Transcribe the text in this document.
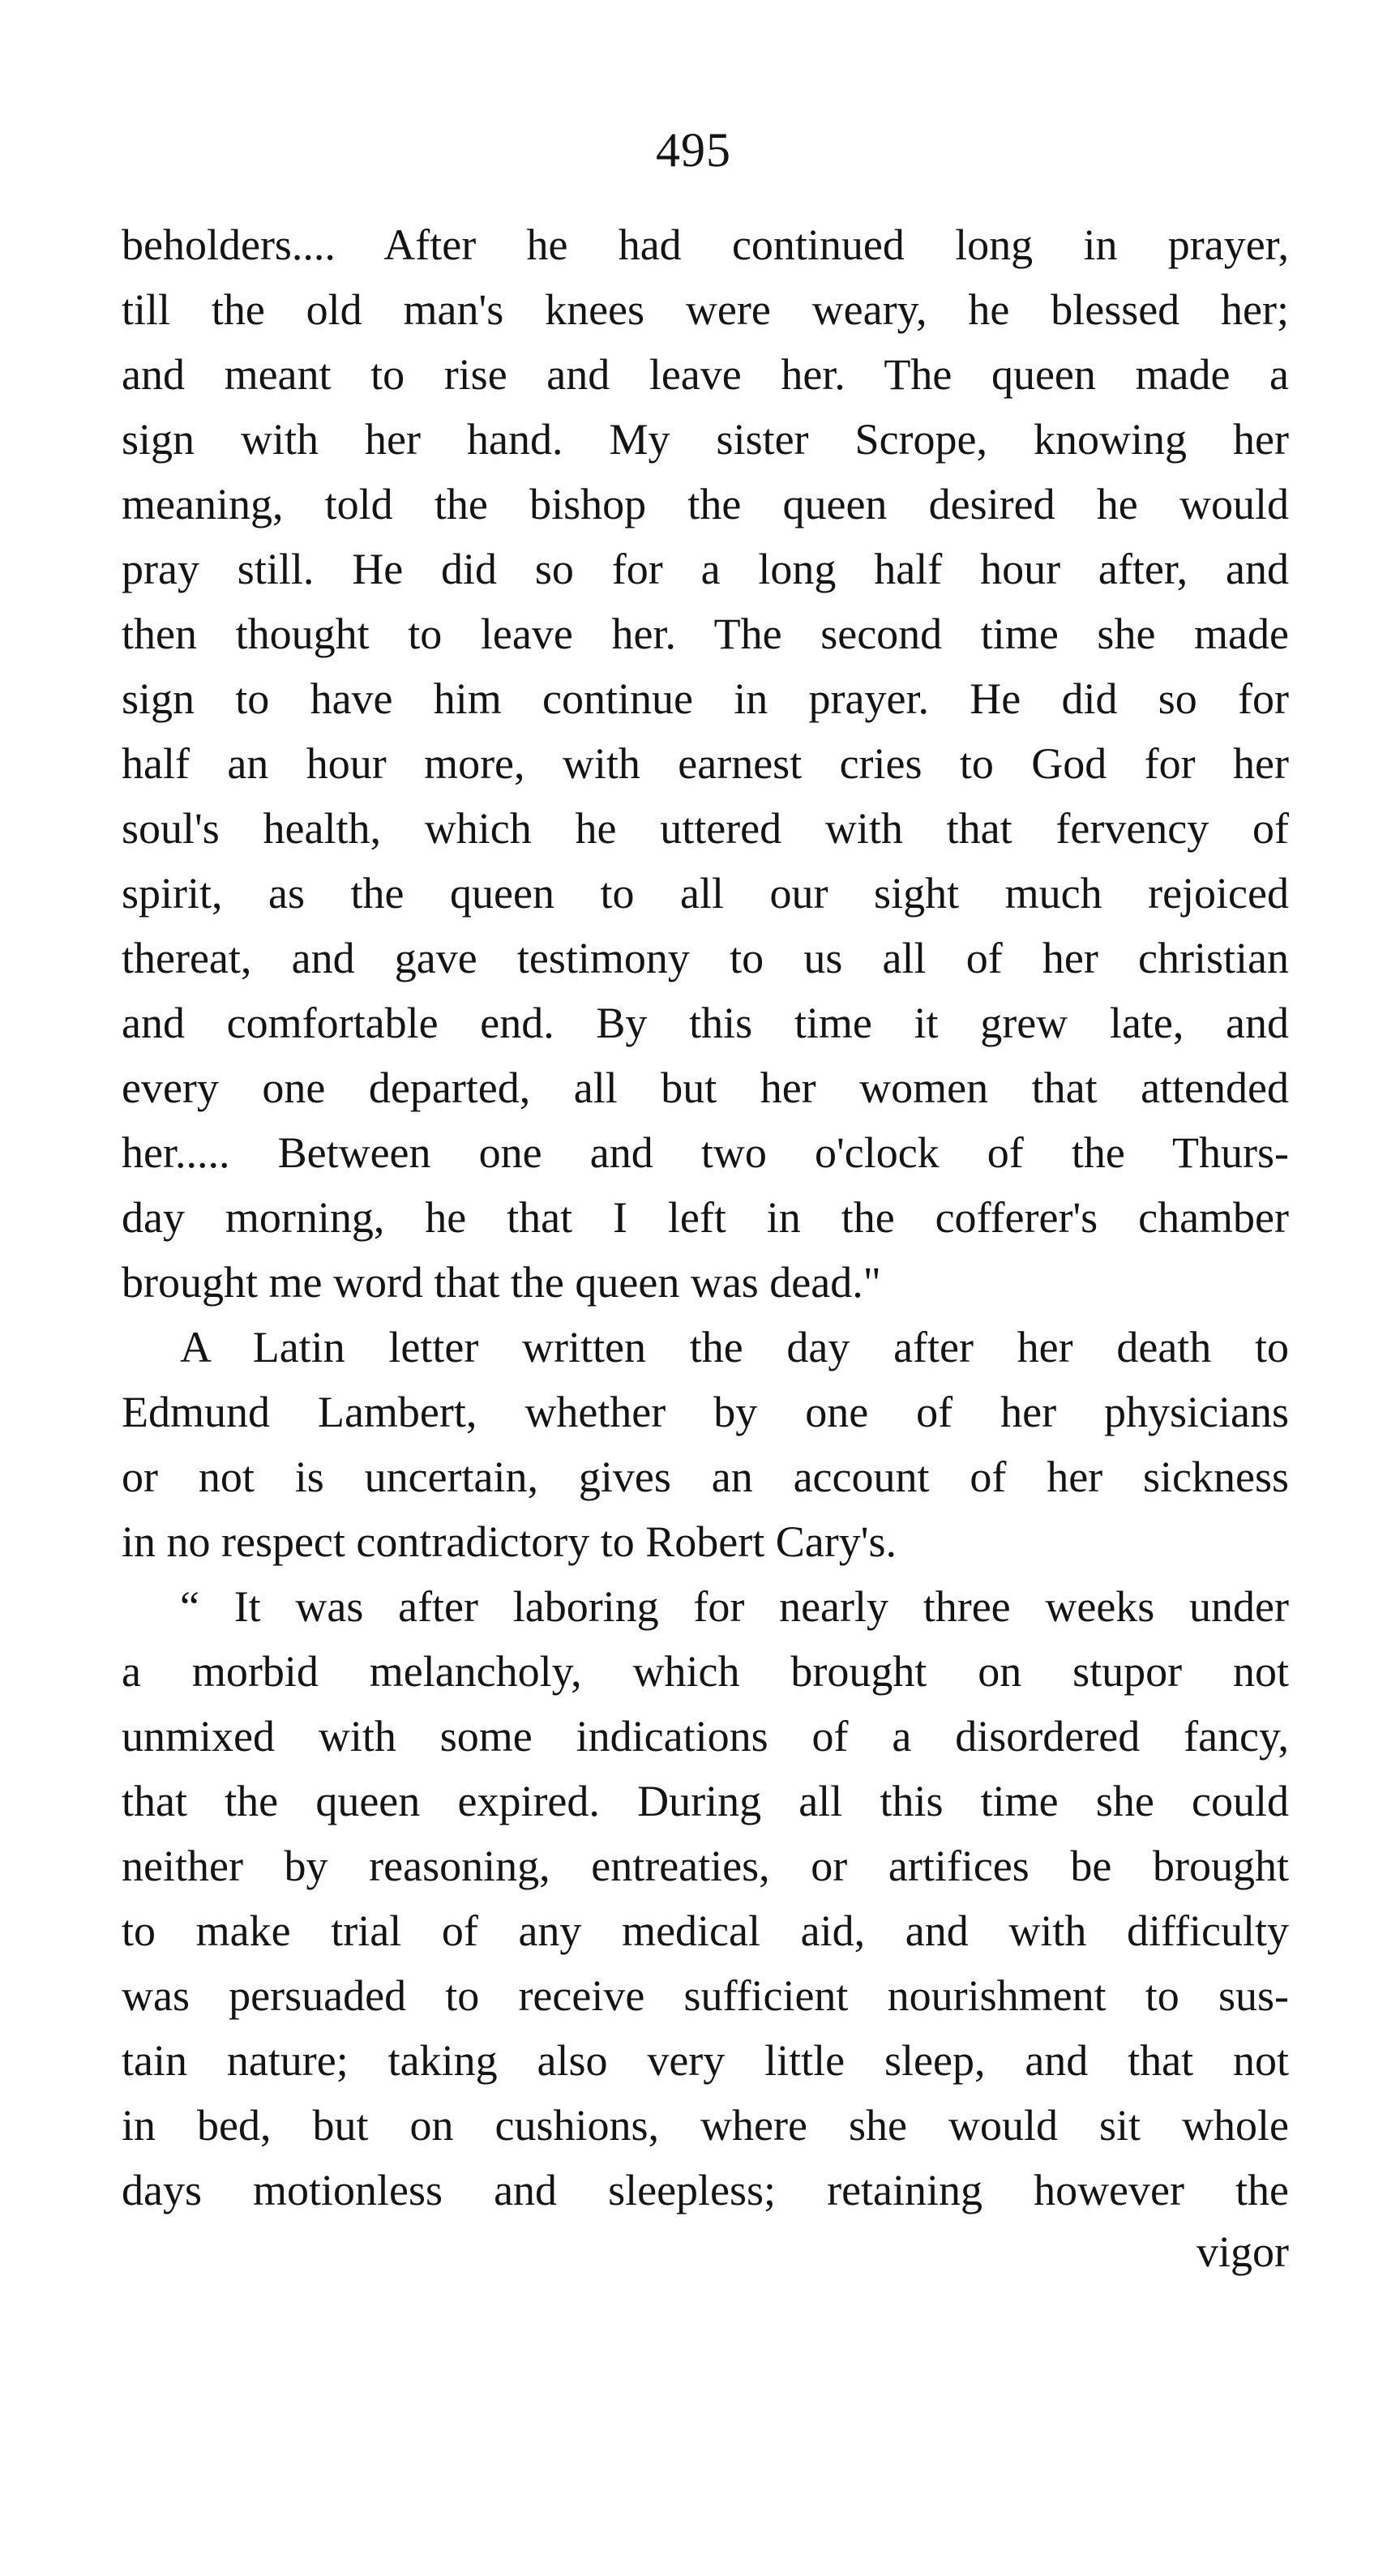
495
beholders.... After he had continued long in prayer,
till the old man's knees were weary, he blessed her;
and meant to rise and leave her. The queen made a
sign with her hand. My sister Scrope, knowing her
meaning, told the bishop the queen desired he would
pray still. He did so for a long half hour after, and
then thought to leave her. The second time she made
sign to have him continue in prayer. He did so for
half an hour more, with earnest cries to God for her
soul's health, which he uttered with that fervency of
spirit, as the queen to all our sight much rejoiced
thereat, and gave testimony to us all of her christian
and comfortable end. By this time it grew late, and
every one departed, all but her women that attended
her..... Between one and two o'clock of the Thurs-
day morning, he that I left in the cofferer's chamber
brought me word that the queen was dead."
A Latin letter written the day after her death to
Edmund Lambert, whether by one of her physicians
or not is uncertain, gives an account of her sickness
in no respect contradictory to Robert Cary's.
“ It was after laboring for nearly three weeks under
a morbid melancholy, which brought on stupor not
unmixed with some indications of a disordered fancy,
that the queen expired. During all this time she could
neither by reasoning, entreaties, or artifices be brought
to make trial of any medical aid, and with difficulty
was persuaded to receive sufficient nourishment to sus-
tain nature; taking also very little sleep, and that not
in bed, but on cushions, where she would sit whole
days motionless and sleepless; retaining however the
vigor
